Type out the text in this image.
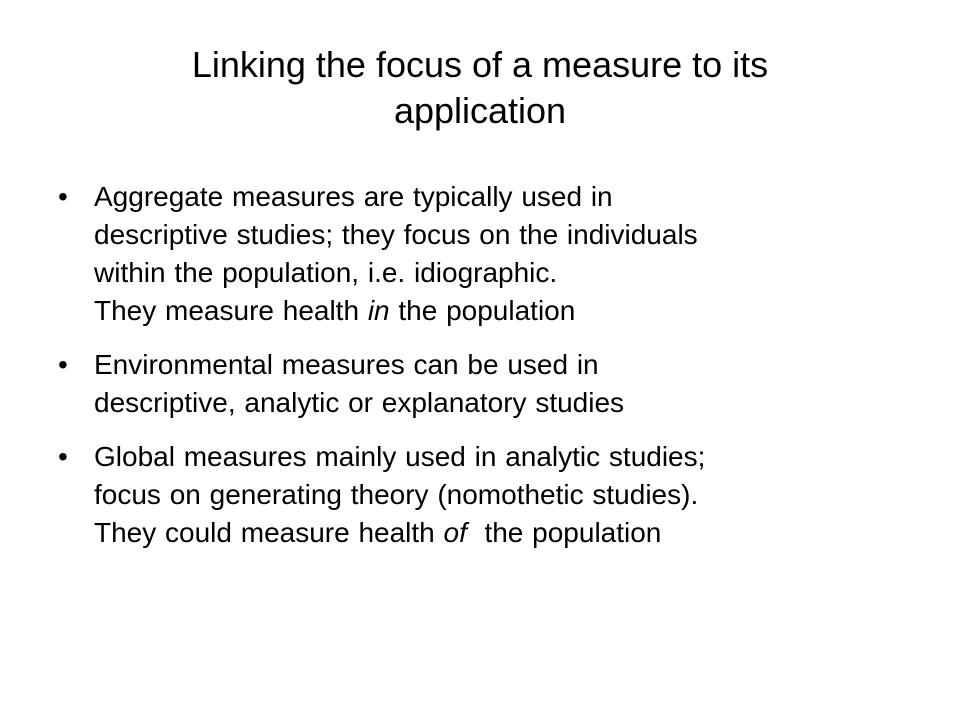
Linking the focus of a measure to its
application
• Aggregate measures are typically used in
descriptive studies; they focus on the individuals
within the population, i.e. idiographic.
They measure health in the population
• Environmental measures can be used in
descriptive, analytic or explanatory studies
• Global measures mainly used in analytic studies;
focus on generating theory (nomothetic studies).
They could measure health of  the population
